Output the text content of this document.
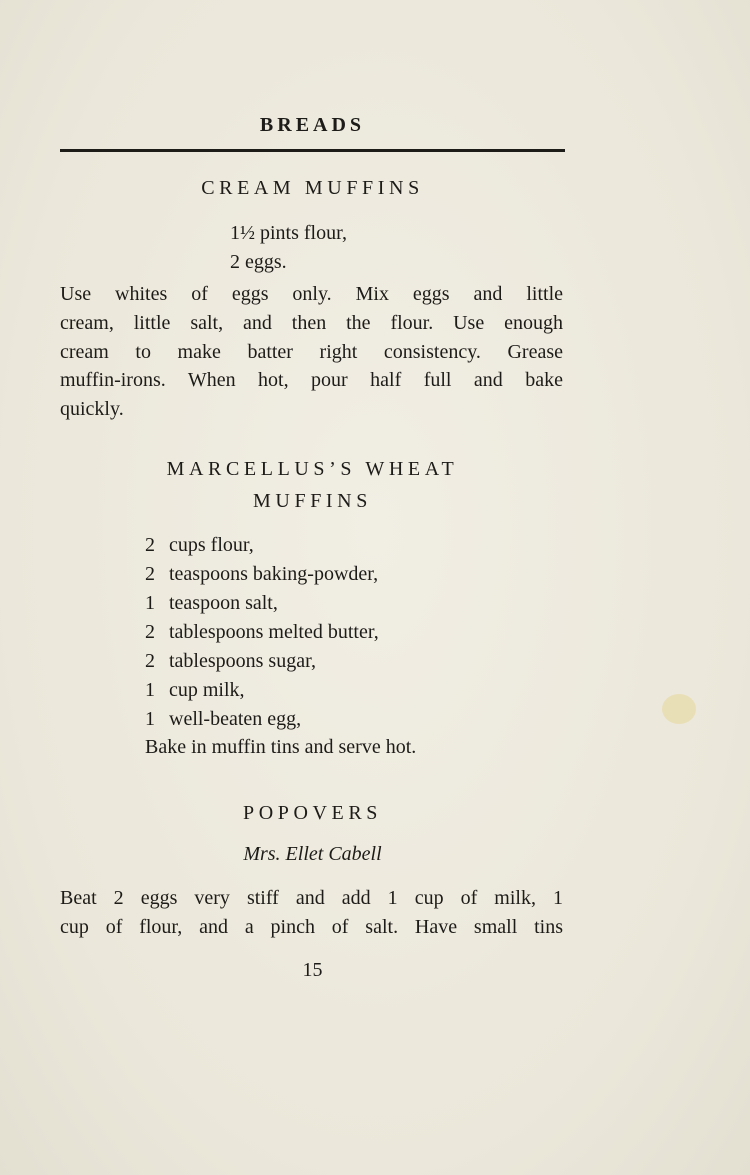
BREADS
CREAM MUFFINS
1½ pints flour,
2 eggs.
Use whites of eggs only. Mix eggs and little
cream, little salt, and then the flour. Use enough
cream to make batter right consistency. Grease
muffin-irons. When hot, pour half full and bake
quickly.
MARCELLUS’S WHEAT
MUFFINS
2 cups flour,
2 teaspoons baking-powder,
1 teaspoon salt,
2 tablespoons melted butter,
2 tablespoons sugar,
1 cup milk,
1 well-beaten egg,
Bake in muffin tins and serve hot.
POPOVERS
Mrs. Ellet Cabell
Beat 2 eggs very stiff and add 1 cup of milk, 1
cup of flour, and a pinch of salt. Have small tins
15
